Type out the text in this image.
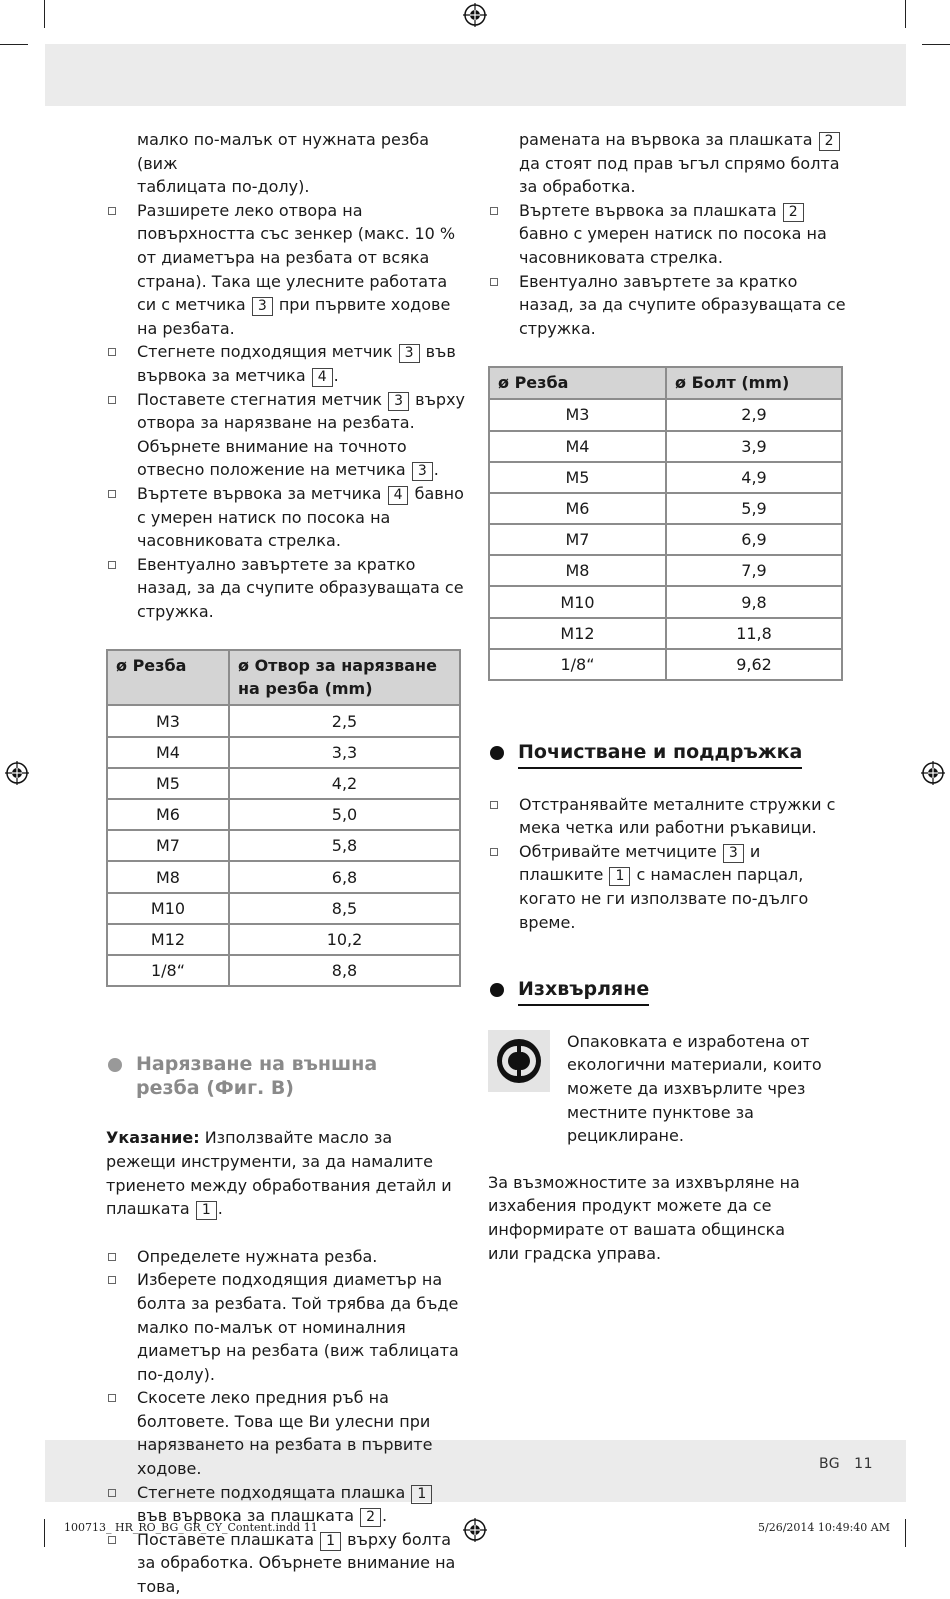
BG 11
100713_ HR_RO_BG_GR_CY_Content.indd 11	5/26/2014 10:49:40 AM

малко по-малък от нужната резба (виж
таблицата по-долу).

Разширете леко отвора на повърхността със зенкер (макс. 10 % от диаметъра на резбата от всяка страна). Така ще улесните работата си с метчика 3 при първите ходове на резбата.
Стегнете подходящия метчик 3 във вървока за метчика 4 .
Поставете стегнатия метчик 3 върху отвора за нарязване на резбата. Обърнете внимание на точното отвесно положение на метчика 3 .
Въртете вървока за метчика 4 бавно с умерен натиск по посока на часовниковата стрелка.
Евентуално завъртете за кратко назад, за да счупите образуващата се стружка.
ø Резба	ø Отвор за нарязване на резба (mm)
M3	2,5
M4	3,3
M5	4,2
M6	5,0
M7	5,8
M8	6,8
M10	8,5
M12	10,2
1/8“	8,8
Нарязване на външна резба (Фиг. B)

Указание: Използвайте масло за режещи инструменти, за да намалите триенето между обработвания детайл и плашката 1 .

Определете нужната резба.
Изберете подходящия диаметър на болта за резбата. Той трябва да бъде малко по-малък от номиналния диаметър на резбата (виж таблицата по-долу).
Скосете леко предния ръб на болтовете. Това ще Ви улесни при нарязването на резбата в първите ходове.
Стегнете подходящата плашка 1 във вървока за плашката 2 .
Поставете плашката 1 върху болта за обработка. Обърнете внимание на това,

рамената на вървока за плашката 2 да стоят под прав ъгъл спрямо болта за обработка.

Въртете вървока за плашката 2 бавно с умерен натиск по посока на часовниковата стрелка.
Евентуално завъртете за кратко назад, за да счупите образуващата се стружка.
ø Резба	ø Болт (mm)
M3	2,9
M4	3,9
M5	4,9
M6	5,9
M7	6,9
M8	7,9
M10	9,8
M12	11,8
1/8“	9,62
Почистване и поддръжка
Отстранявайте металните стружки с мека четка или работни ръкавици.
Обтривайте метчиците 3 и плашките 1 с намаслен парцал, когато не ги използвате по-дълго време.
Изхвърляне

Опаковката е изработена от екологични материали, които можете да изхвърлите чрез местните пунктове за рециклиране.

За възможностите за изхвърляне на изхабения продукт можете да се информирате от вашата общинска или градска управа.
